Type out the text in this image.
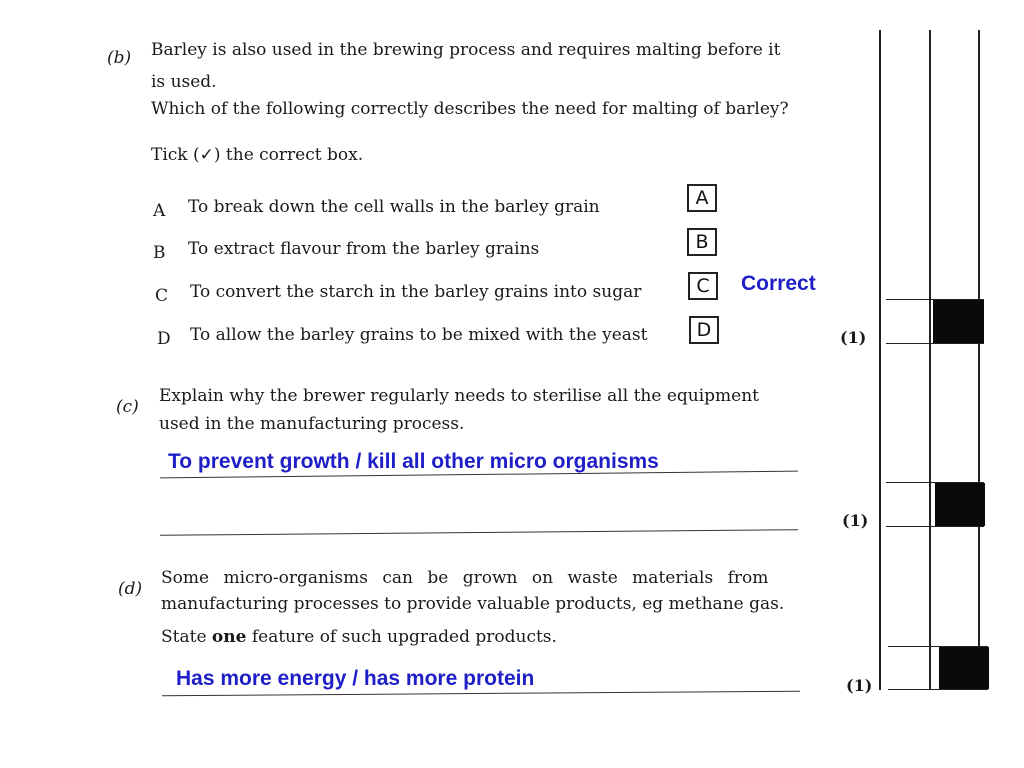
(b) Barley is also used in the brewing process and requires malting before it
is used.
Which of the following correctly describes the need for malting of barley?
Tick (✓) the correct box.
A To break down the cell walls in the barley grain	A
B To extract flavour from the barley grains	B
C To convert the starch in the barley grains into sugar	C	Correct
D To allow the barley grains to be mixed with the yeast	D	(1)
(c)
Explain why the brewer regularly needs to sterilise all the equipment
used in the manufacturing process.
To prevent growth / kill all other micro organisms
(1)
(d)
Some micro-organisms can be grown on waste materials from
manufacturing processes to provide valuable products, eg methane gas.
State one feature of such upgraded products.
Has more energy / has more protein	(1)
